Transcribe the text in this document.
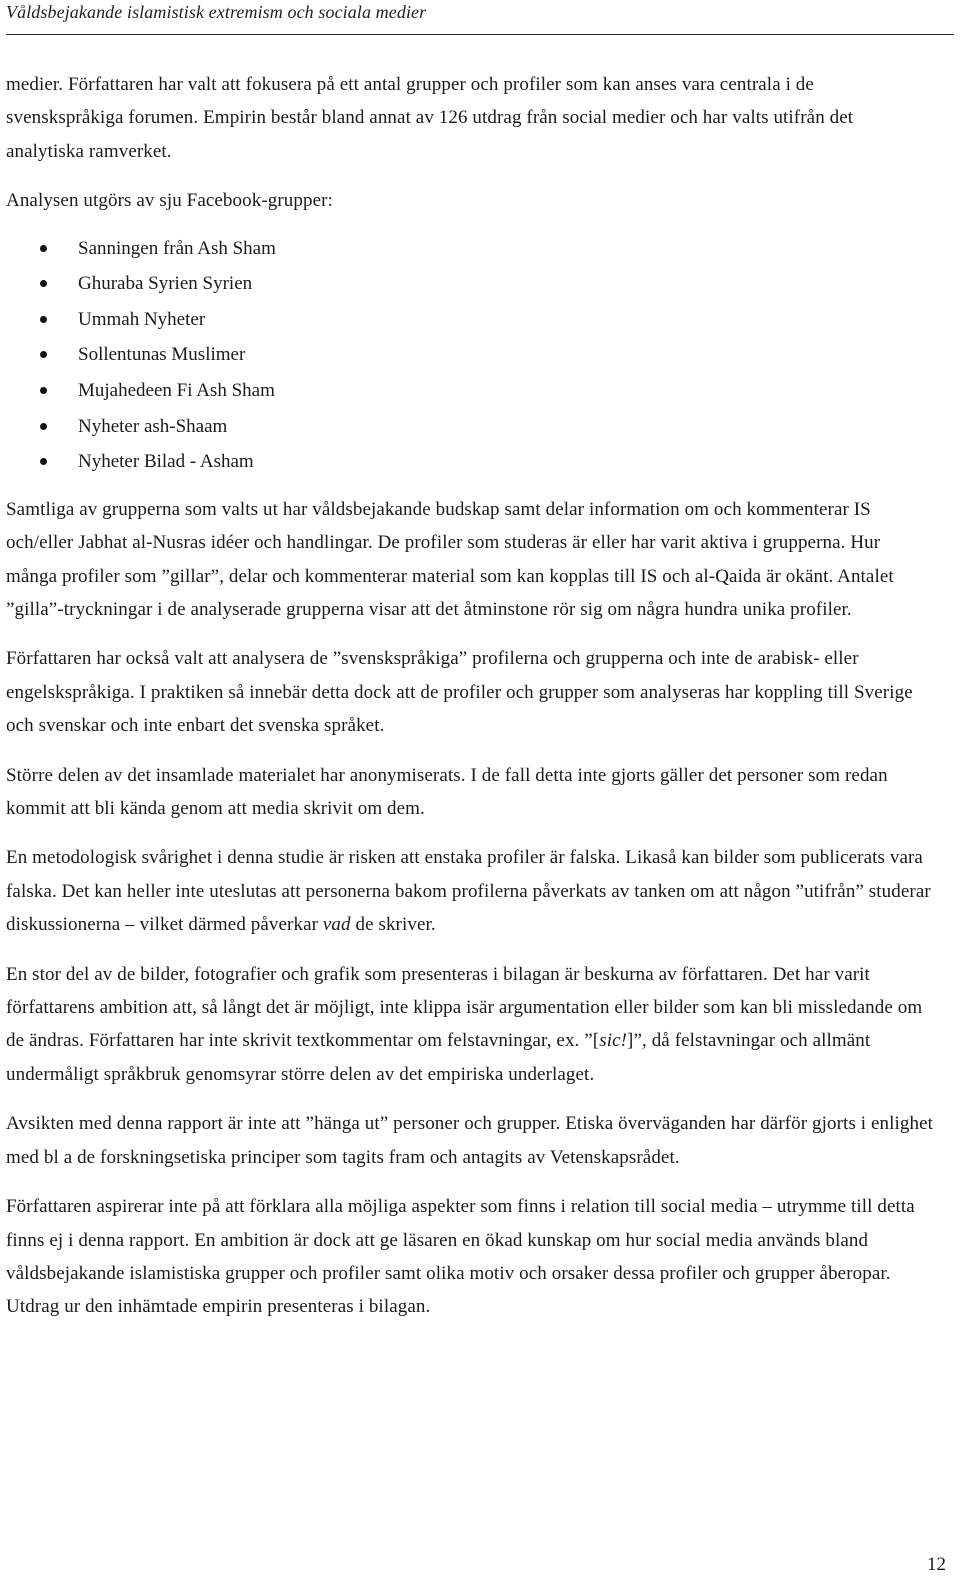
Våldsbejakande islamistisk extremism och sociala medier

medier. Författaren har valt att fokusera på ett antal grupper och profiler som kan anses vara centrala i de svenskspråkiga forumen. Empirin består bland annat av 126 utdrag från social medier och har valts utifrån det analytiska ramverket.

Analysen utgörs av sju Facebook-grupper:

Sanningen från Ash Sham
Ghuraba Syrien Syrien
Ummah Nyheter
Sollentunas Muslimer
Mujahedeen Fi Ash Sham
Nyheter ash-Shaam
Nyheter Bilad - Asham

Samtliga av grupperna som valts ut har våldsbejakande budskap samt delar information om och kommenterar IS och/eller Jabhat al-Nusras idéer och handlingar. De profiler som studeras är eller har varit aktiva i grupperna. Hur många profiler som ”gillar”, delar och kommenterar material som kan kopplas till IS och al-Qaida är okänt. Antalet ”gilla”-tryckningar i de analyserade grupperna visar att det åtminstone rör sig om några hundra unika profiler.

Författaren har också valt att analysera de ”svenskspråkiga” profilerna och grupperna och inte de arabisk- eller engelskspråkiga. I praktiken så innebär detta dock att de profiler och grupper som analyseras har koppling till Sverige och svenskar och inte enbart det svenska språket.

Större delen av det insamlade materialet har anonymiserats. I de fall detta inte gjorts gäller det personer som redan kommit att bli kända genom att media skrivit om dem.

En metodologisk svårighet i denna studie är risken att enstaka profiler är falska. Likaså kan bilder som publicerats vara falska. Det kan heller inte uteslutas att personerna bakom profilerna påverkats av tanken om att någon ”utifrån” studerar diskussionerna – vilket därmed påverkar vad de skriver.

En stor del av de bilder, fotografier och grafik som presenteras i bilagan är beskurna av författaren. Det har varit författarens ambition att, så långt det är möjligt, inte klippa isär argumentation eller bilder som kan bli missledande om de ändras. Författaren har inte skrivit textkommentar om felstavningar, ex. ”[sic!]”, då felstavningar och allmänt undermåligt språkbruk genomsyrar större delen av det empiriska underlaget.

Avsikten med denna rapport är inte att ”hänga ut” personer och grupper. Etiska överväganden har därför gjorts i enlighet med bl a de forskningsetiska principer som tagits fram och antagits av Vetenskapsrådet.

Författaren aspirerar inte på att förklara alla möjliga aspekter som finns i relation till social media – utrymme till detta finns ej i denna rapport. En ambition är dock att ge läsaren en ökad kunskap om hur social media används bland våldsbejakande islamistiska grupper och profiler samt olika motiv och orsaker dessa profiler och grupper åberopar. Utdrag ur den inhämtade empirin presenteras i bilagan.

12
